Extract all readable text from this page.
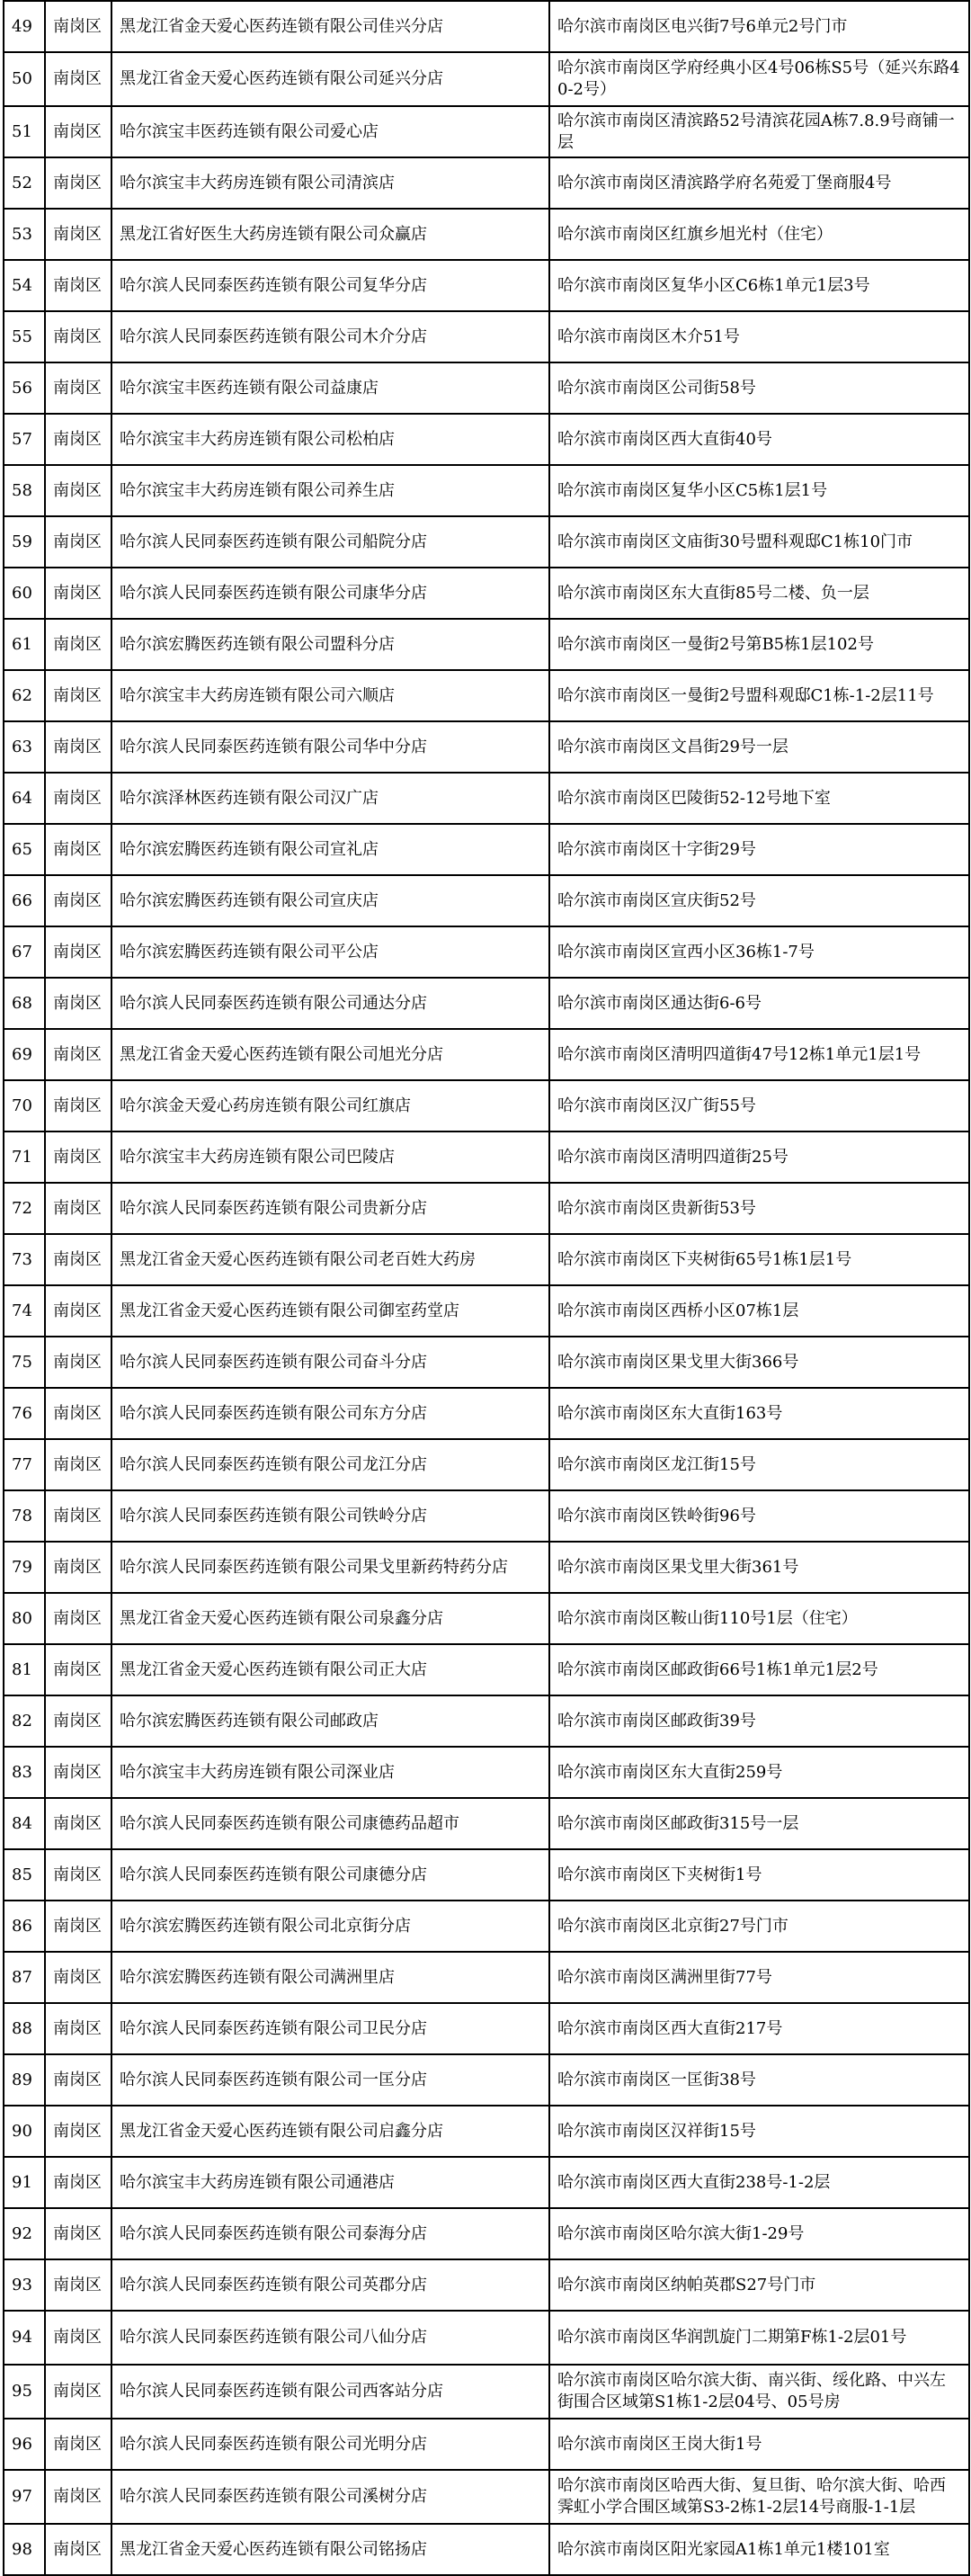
49	南岗区	黑龙江省金天爱心医药连锁有限公司佳兴分店	哈尔滨市南岗区电兴街7号6单元2号门市
50	南岗区	黑龙江省金天爱心医药连锁有限公司延兴分店	哈尔滨市南岗区学府经典小区4号06栋S5号（延兴东路40-2号）
51	南岗区	哈尔滨宝丰医药连锁有限公司爱心店	哈尔滨市南岗区清滨路52号清滨花园A栋7.8.9号商铺一层
52	南岗区	哈尔滨宝丰大药房连锁有限公司清滨店	哈尔滨市南岗区清滨路学府名苑爱丁堡商服4号
53	南岗区	黑龙江省好医生大药房连锁有限公司众赢店	哈尔滨市南岗区红旗乡旭光村（住宅）
54	南岗区	哈尔滨人民同泰医药连锁有限公司复华分店	哈尔滨市南岗区复华小区C6栋1单元1层3号
55	南岗区	哈尔滨人民同泰医药连锁有限公司木介分店	哈尔滨市南岗区木介51号
56	南岗区	哈尔滨宝丰医药连锁有限公司益康店	哈尔滨市南岗区公司街58号
57	南岗区	哈尔滨宝丰大药房连锁有限公司松柏店	哈尔滨市南岗区西大直街40号
58	南岗区	哈尔滨宝丰大药房连锁有限公司养生店	哈尔滨市南岗区复华小区C5栋1层1号
59	南岗区	哈尔滨人民同泰医药连锁有限公司船院分店	哈尔滨市南岗区文庙街30号盟科观邸C1栋10门市
60	南岗区	哈尔滨人民同泰医药连锁有限公司康华分店	哈尔滨市南岗区东大直街85号二楼、负一层
61	南岗区	哈尔滨宏腾医药连锁有限公司盟科分店	哈尔滨市南岗区一曼街2号第B5栋1层102号
62	南岗区	哈尔滨宝丰大药房连锁有限公司六顺店	哈尔滨市南岗区一曼街2号盟科观邸C1栋-1-2层11号
63	南岗区	哈尔滨人民同泰医药连锁有限公司华中分店	哈尔滨市南岗区文昌街29号一层
64	南岗区	哈尔滨泽林医药连锁有限公司汉广店	哈尔滨市南岗区巴陵街52-12号地下室
65	南岗区	哈尔滨宏腾医药连锁有限公司宣礼店	哈尔滨市南岗区十字街29号
66	南岗区	哈尔滨宏腾医药连锁有限公司宣庆店	哈尔滨市南岗区宣庆街52号
67	南岗区	哈尔滨宏腾医药连锁有限公司平公店	哈尔滨市南岗区宣西小区36栋1-7号
68	南岗区	哈尔滨人民同泰医药连锁有限公司通达分店	哈尔滨市南岗区通达街6-6号
69	南岗区	黑龙江省金天爱心医药连锁有限公司旭光分店	哈尔滨市南岗区清明四道街47号12栋1单元1层1号
70	南岗区	哈尔滨金天爱心药房连锁有限公司红旗店	哈尔滨市南岗区汉广街55号
71	南岗区	哈尔滨宝丰大药房连锁有限公司巴陵店	哈尔滨市南岗区清明四道街25号
72	南岗区	哈尔滨人民同泰医药连锁有限公司贵新分店	哈尔滨市南岗区贵新街53号
73	南岗区	黑龙江省金天爱心医药连锁有限公司老百姓大药房	哈尔滨市南岗区下夹树街65号1栋1层1号
74	南岗区	黑龙江省金天爱心医药连锁有限公司御室药堂店	哈尔滨市南岗区西桥小区07栋1层
75	南岗区	哈尔滨人民同泰医药连锁有限公司奋斗分店	哈尔滨市南岗区果戈里大街366号
76	南岗区	哈尔滨人民同泰医药连锁有限公司东方分店	哈尔滨市南岗区东大直街163号
77	南岗区	哈尔滨人民同泰医药连锁有限公司龙江分店	哈尔滨市南岗区龙江街15号
78	南岗区	哈尔滨人民同泰医药连锁有限公司铁岭分店	哈尔滨市南岗区铁岭街96号
79	南岗区	哈尔滨人民同泰医药连锁有限公司果戈里新药特药分店	哈尔滨市南岗区果戈里大街361号
80	南岗区	黑龙江省金天爱心医药连锁有限公司泉鑫分店	哈尔滨市南岗区鞍山街110号1层（住宅）
81	南岗区	黑龙江省金天爱心医药连锁有限公司正大店	哈尔滨市南岗区邮政街66号1栋1单元1层2号
82	南岗区	哈尔滨宏腾医药连锁有限公司邮政店	哈尔滨市南岗区邮政街39号
83	南岗区	哈尔滨宝丰大药房连锁有限公司深业店	哈尔滨市南岗区东大直街259号
84	南岗区	哈尔滨人民同泰医药连锁有限公司康德药品超市	哈尔滨市南岗区邮政街315号一层
85	南岗区	哈尔滨人民同泰医药连锁有限公司康德分店	哈尔滨市南岗区下夹树街1号
86	南岗区	哈尔滨宏腾医药连锁有限公司北京街分店	哈尔滨市南岗区北京街27号门市
87	南岗区	哈尔滨宏腾医药连锁有限公司满洲里店	哈尔滨市南岗区满洲里街77号
88	南岗区	哈尔滨人民同泰医药连锁有限公司卫民分店	哈尔滨市南岗区西大直街217号
89	南岗区	哈尔滨人民同泰医药连锁有限公司一匡分店	哈尔滨市南岗区一匡街38号
90	南岗区	黑龙江省金天爱心医药连锁有限公司启鑫分店	哈尔滨市南岗区汉祥街15号
91	南岗区	哈尔滨宝丰大药房连锁有限公司通港店	哈尔滨市南岗区西大直街238号-1-2层
92	南岗区	哈尔滨人民同泰医药连锁有限公司泰海分店	哈尔滨市南岗区哈尔滨大街1-29号
93	南岗区	哈尔滨人民同泰医药连锁有限公司英郡分店	哈尔滨市南岗区纳帕英郡S27号门市
94	南岗区	哈尔滨人民同泰医药连锁有限公司八仙分店	哈尔滨市南岗区华润凯旋门二期第F栋1-2层01号
95	南岗区	哈尔滨人民同泰医药连锁有限公司西客站分店	哈尔滨市南岗区哈尔滨大街、南兴街、绥化路、中兴左街围合区域第S1栋1-2层04号、05号房
96	南岗区	哈尔滨人民同泰医药连锁有限公司光明分店	哈尔滨市南岗区王岗大街1号
97	南岗区	哈尔滨人民同泰医药连锁有限公司溪树分店	哈尔滨市南岗区哈西大街、复旦街、哈尔滨大街、哈西霁虹小学合围区域第S3-2栋1-2层14号商服-1-1层
98	南岗区	黑龙江省金天爱心医药连锁有限公司铭扬店	哈尔滨市南岗区阳光家园A1栋1单元1楼101室
